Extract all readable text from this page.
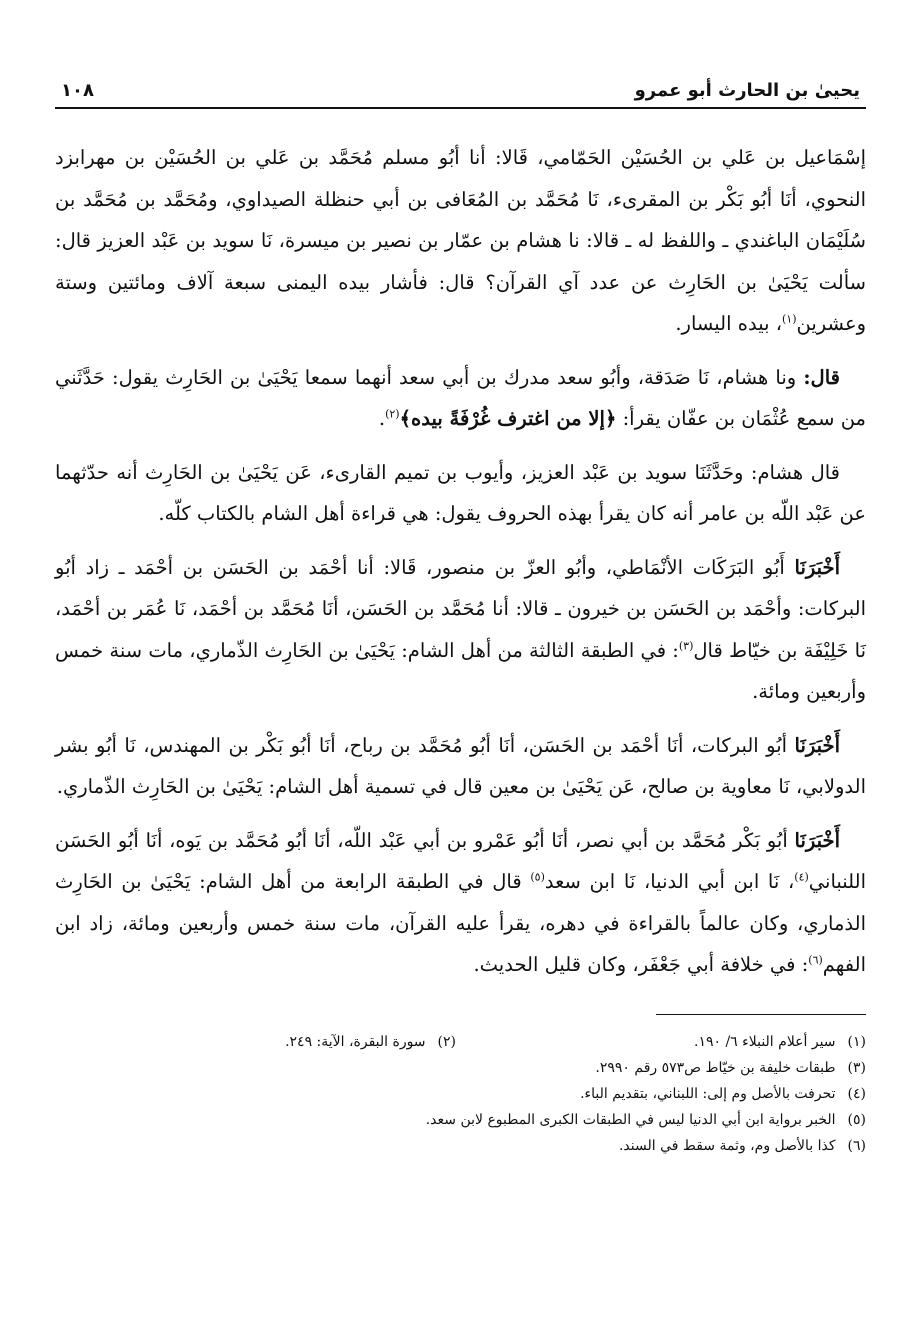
يحيىٰ بن الحارث أبو عمرو
١٠٨

إسْمَاعيل بن عَلي بن الحُسَيْن الحَمّامي، قَالا: أنا أبُو مسلم مُحَمَّد بن عَلي بن الحُسَيْن بن مهرابزد النحوي، أنَا أبُو بَكْر بن المقرىء، نَا مُحَمَّد بن المُعَافى بن أبي حنظلة الصيداوي، ومُحَمَّد بن مُحَمَّد بن سُلَيْمَان الباغندي ـ واللفظ له ـ قالا: نا هشام بن عمّار بن نصير بن ميسرة، نَا سويد بن عَبْد العزيز قال: سألت يَحْيَىٰ بن الحَارِث عن عدد آي القرآن؟ قال: فأشار بيده اليمنى سبعة آلاف ومائتين وستة وعشرين$^{(١)}$، بيده اليسار.

قال: ونا هشام، نَا صَدَقة، وأبُو سعد مدرك بن أبي سعد أنهما سمعا يَحْيَىٰ بن الحَارِث يقول: حَدَّثَني من سمع عُثْمَان بن عفّان يقرأ: ﴿إلا من اغترف غُرْفَةً بيده﴾$^{(٢)}$.

قال هشام: وحَدَّثَنَا سويد بن عَبْد العزيز، وأيوب بن تميم القارىء، عَن يَحْيَىٰ بن الحَارِث أنه حدّثهما عن عَبْد اللّه بن عامر أنه كان يقرأ بهذه الحروف يقول: هي قراءة أهل الشام بالكتاب كلّه.

أَخْبَرَنَا أَبُو البَرَكَات الأنْمَاطي، وأبُو العزّ بن منصور، قَالا: أنا أحْمَد بن الحَسَن بن أحْمَد ـ زاد أبُو البركات: وأحْمَد بن الحَسَن بن خيرون ـ قالا: أنا مُحَمَّد بن الحَسَن، أنَا مُحَمَّد بن أحْمَد، نَا عُمَر بن أحْمَد، نَا خَلِيْفَة بن خيّاط قال$^{(٣)}$: في الطبقة الثالثة من أهل الشام: يَحْيَىٰ بن الحَارِث الذّماري، مات سنة خمس وأربعين ومائة.

أَخْبَرَنَا أبُو البركات، أنَا أحْمَد بن الحَسَن، أنَا أبُو مُحَمَّد بن رباح، أنَا أبُو بَكْر بن المهندس، نَا أبُو بشر الدولابي، نَا معاوية بن صالح، عَن يَحْيَىٰ بن معين قال في تسمية أهل الشام: يَحْيَىٰ بن الحَارِث الذّماري.

أَخْبَرَنَا أبُو بَكْر مُحَمَّد بن أبي نصر، أنَا أبُو عَمْرو بن أبي عَبْد اللّه، أنَا أبُو مُحَمَّد بن يَوه، أنَا أبُو الحَسَن اللنباني$^{(٤)}$، نَا ابن أبي الدنيا، نَا ابن سعد$^{(٥)}$ قال في الطبقة الرابعة من أهل الشام: يَحْيَىٰ بن الحَارِث الذماري، وكان عالماً بالقراءة في دهره، يقرأ عليه القرآن، مات سنة خمس وأربعين ومائة، زاد ابن الفهم$^{(٦)}$: في خلافة أبي جَعْفَر، وكان قليل الحديث.

(١) سير أعلام النبلاء ٦/ ١٩٠.
(٢) سورة البقرة، الآية: ٢٤٩.
(٣) طبقات خليفة بن خيّاط ص٥٧٣ رقم ٢٩٩٠.
(٤) تحرفت بالأصل وم إلى: اللبناني، بتقديم الباء.
(٥) الخبر برواية ابن أبي الدنيا ليس في الطبقات الكبرى المطبوع لابن سعد.
(٦) كذا بالأصل وم، وثمة سقط في السند.
